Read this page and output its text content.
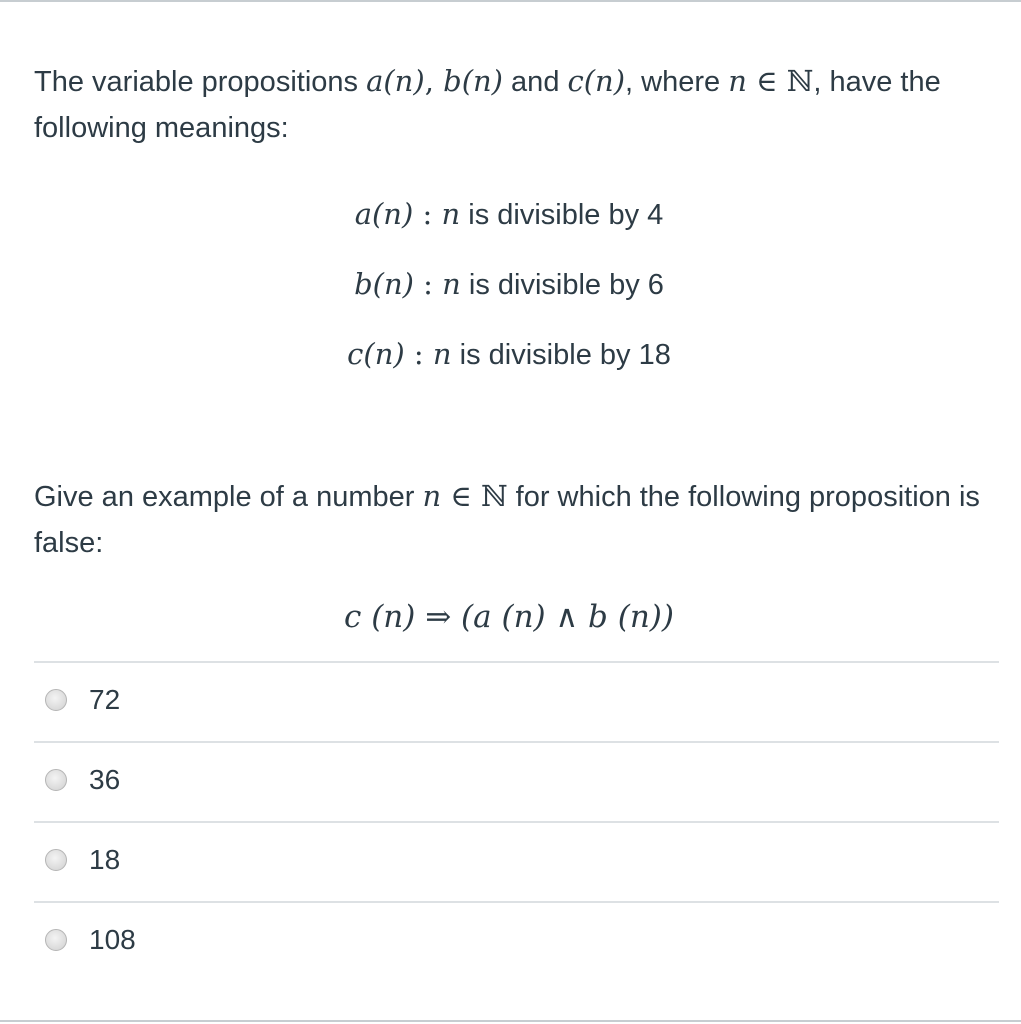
The variable propositions a(n), b(n) and c(n), where n ∈ ℕ, have the following meanings:

a(n) : n is divisible by 4
b(n) : n is divisible by 6
c(n) : n is divisible by 18

Give an example of a number n ∈ ℕ for which the following proposition is false:

c (n) ⇒ (a (n) ∧ b (n))
72
36
18
108
